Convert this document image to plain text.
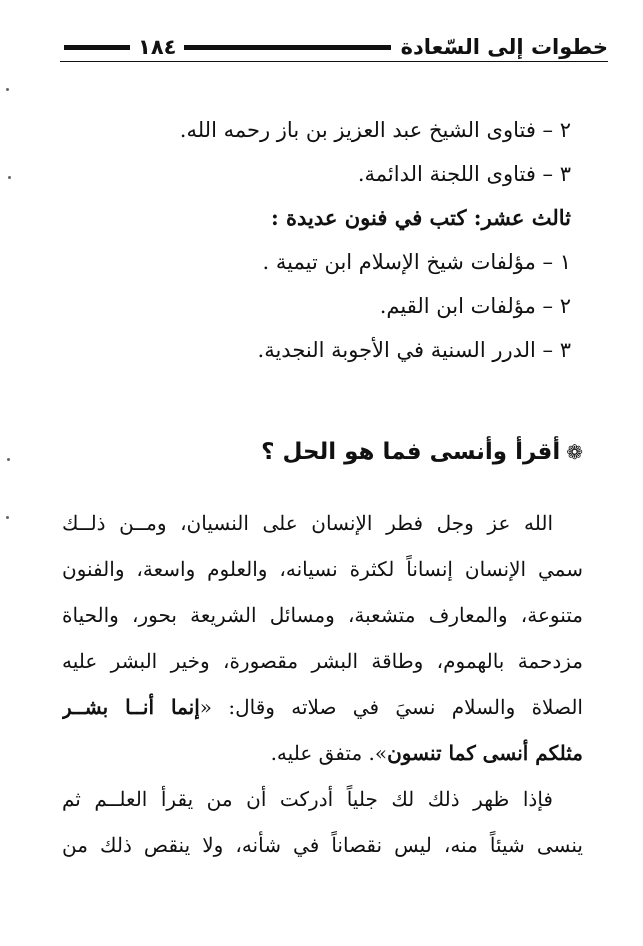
خطوات إلى السّعادة
١٨٤
٢ – فتاوى الشيخ عبد العزيز بن باز رحمه الله.
٣ – فتاوى اللجنة الدائمة.
ثالث عشر: كتب في فنون عديدة :
١ – مؤلفات شيخ الإسلام ابن تيمية .
٢ – مؤلفات ابن القيم.
٣ – الدرر السنية في الأجوبة النجدية.
❁أقرأ وأنسى فما هو الحل ؟
الله عز وجل فطر الإنسان على النسيان، ومــن ذلــك
سمي الإنسان إنساناً لكثرة نسيانه، والعلوم واسعة، والفنون
متنوعة، والمعارف متشعبة، ومسائل الشريعة بحور، والحياة
مزدحمة بالهموم، وطاقة البشر مقصورة، وخير البشر عليه
الصلاة والسلام نسيَ في صلاته وقال: «إنما أنــا بشــر
مثلكم أنسى كما تنسون». متفق عليه.
فإذا ظهر ذلك لك جلياً أدركت أن من يقرأ العلــم ثم
ينسى شيئاً منه، ليس نقصاناً في شأنه، ولا ينقص ذلك من
